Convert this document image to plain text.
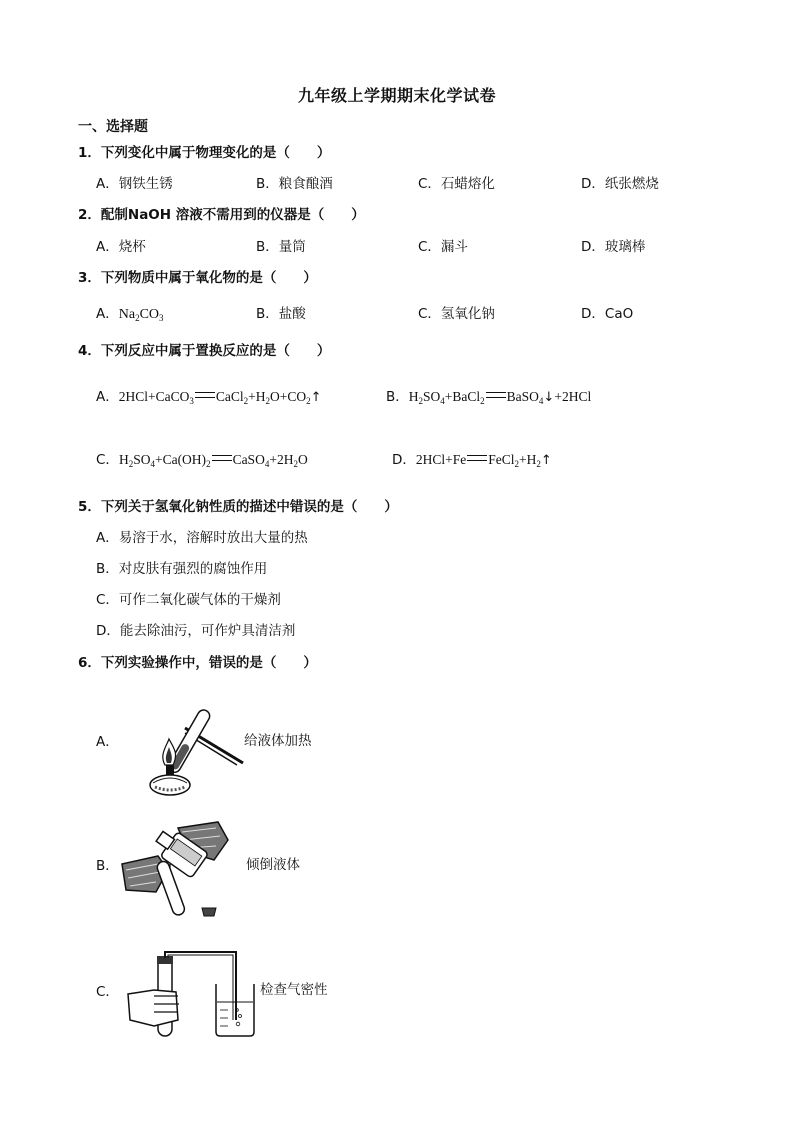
九年级上学期期末化学试卷
一、选择题
1．下列变化中属于物理变化的是（　　）
A．钢铁生锈	B．粮食酿酒	C．石蜡熔化	D．纸张燃烧
2．配制NaOH 溶液不需用到的仪器是（　　）
A．烧杯	B．量筒	C．漏斗	D．玻璃棒
3．下列物质中属于氧化物的是（　　）
A．$Na_2CO_3$	B．盐酸	C．氢氧化钠	D．CaO
4．下列反应中属于置换反应的是（　　）
A．2HCl+CaCO$_3$ $CaCl_2+H_2O+CO_2↑$	B．$H_2SO_4+BaCl_2$ BaSO$_4$↓+2HCl
C．$H_2SO_4+Ca(OH)_2$ $CaSO_4+2H_2O$	D．2HCl+Fe $FeCl_2+H_2↑$
5．下列关于氢氧化钠性质的描述中错误的是（　　）
A．易溶于水，溶解时放出大量的热
B．对皮肤有强烈的腐蚀作用
C．可作二氧化碳气体的干燥剂
D．能去除油污，可作炉具清洁剂
6．下列实验操作中，错误的是（　　）
A．	给液体加热
B．	倾倒液体
C．	检查气密性
